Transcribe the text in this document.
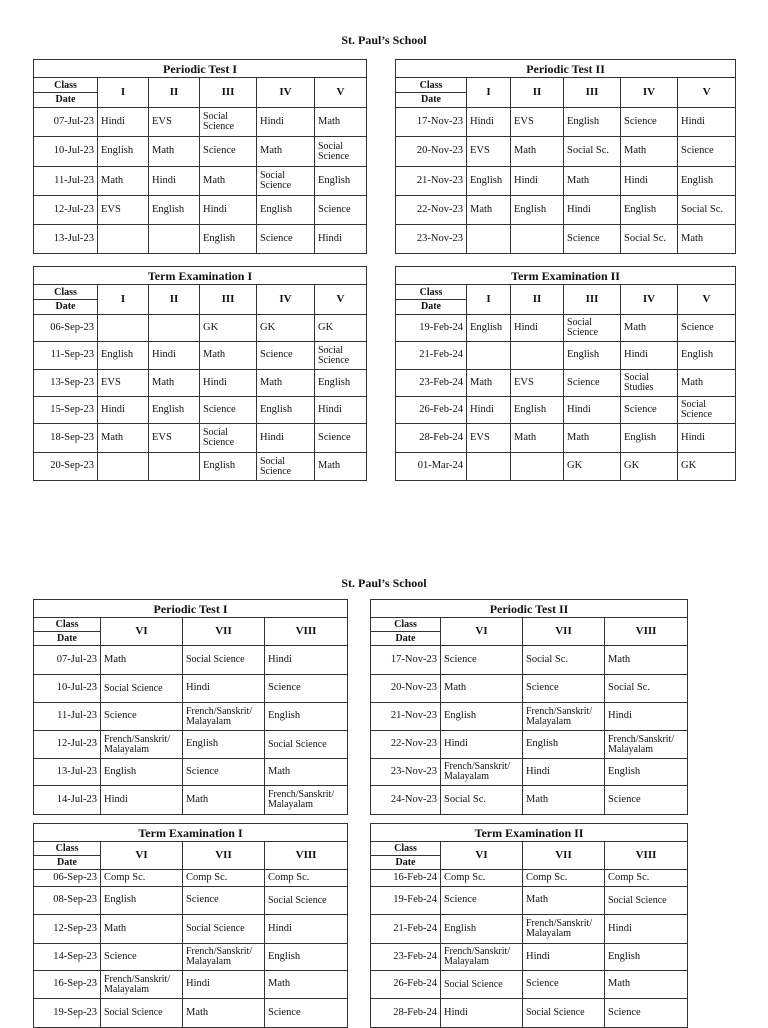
St. Paul’s School
Periodic Test I					

Class
Date	I	II	III	IV	V
07-Jul-23	Hindi	EVS	Social Science	Hindi	Math
10-Jul-23	English	Math	Science	Math	Social Science
11-Jul-23	Math	Hindi	Math	Social Science	English
12-Jul-23	EVS	English	Hindi	English	Science
13-Jul-23			English	Science	Hindi
Periodic Test II					

Class
Date	I	II	III	IV	V
17-Nov-23	Hindi	EVS	English	Science	Hindi
20-Nov-23	EVS	Math	Social Sc.	Math	Science
21-Nov-23	English	Hindi	Math	Hindi	English
22-Nov-23	Math	English	Hindi	English	Social Sc.
23-Nov-23			Science	Social Sc.	Math
Term Examination I					

Class
Date	I	II	III	IV	V
06-Sep-23			GK	GK	GK
11-Sep-23	English	Hindi	Math	Science	Social Science
13-Sep-23	EVS	Math	Hindi	Math	English
15-Sep-23	Hindi	English	Science	English	Hindi
18-Sep-23	Math	EVS	Social Science	Hindi	Science
20-Sep-23			English	Social Science	Math
Term Examination II					

Class
Date	I	II	III	IV	V
19-Feb-24	English	Hindi	Social Science	Math	Science
21-Feb-24			English	Hindi	English
23-Feb-24	Math	EVS	Science	Social Studies	Math
26-Feb-24	Hindi	English	Hindi	Science	Social Science
28-Feb-24	EVS	Math	Math	English	Hindi
01-Mar-24			GK	GK	GK
St. Paul’s School
Periodic Test I			

Class
Date	VI	VII	VIII
07-Jul-23	Math	Social Science	Hindi
10-Jul-23	Social Science	Hindi	Science
11-Jul-23	Science	French/Sanskrit/ Malayalam	English
12-Jul-23	French/Sanskrit/ Malayalam	English	Social Science
13-Jul-23	English	Science	Math
14-Jul-23	Hindi	Math	French/Sanskrit/ Malayalam
Periodic Test II			

Class
Date	VI	VII	VIII
17-Nov-23	Science	Social Sc.	Math
20-Nov-23	Math	Science	Social Sc.
21-Nov-23	English	French/Sanskrit/ Malayalam	Hindi
22-Nov-23	Hindi	English	French/Sanskrit/ Malayalam
23-Nov-23	French/Sanskrit/ Malayalam	Hindi	English
24-Nov-23	Social Sc.	Math	Science
Term Examination I			

Class
Date	VI	VII	VIII
06-Sep-23	Comp Sc.	Comp Sc.	Comp Sc.
08-Sep-23	English	Science	Social Science
12-Sep-23	Math	Social Science	Hindi
14-Sep-23	Science	French/Sanskrit/ Malayalam	English
16-Sep-23	French/Sanskrit/ Malayalam	Hindi	Math
19-Sep-23	Social Science	Math	Science
Term Examination II			

Class
Date	VI	VII	VIII
16-Feb-24	Comp Sc.	Comp Sc.	Comp Sc.
19-Feb-24	Science	Math	Social Science
21-Feb-24	English	French/Sanskrit/ Malayalam	Hindi
23-Feb-24	French/Sanskrit/ Malayalam	Hindi	English
26-Feb-24	Social Science	Science	Math
28-Feb-24	Hindi	Social Science	Science
